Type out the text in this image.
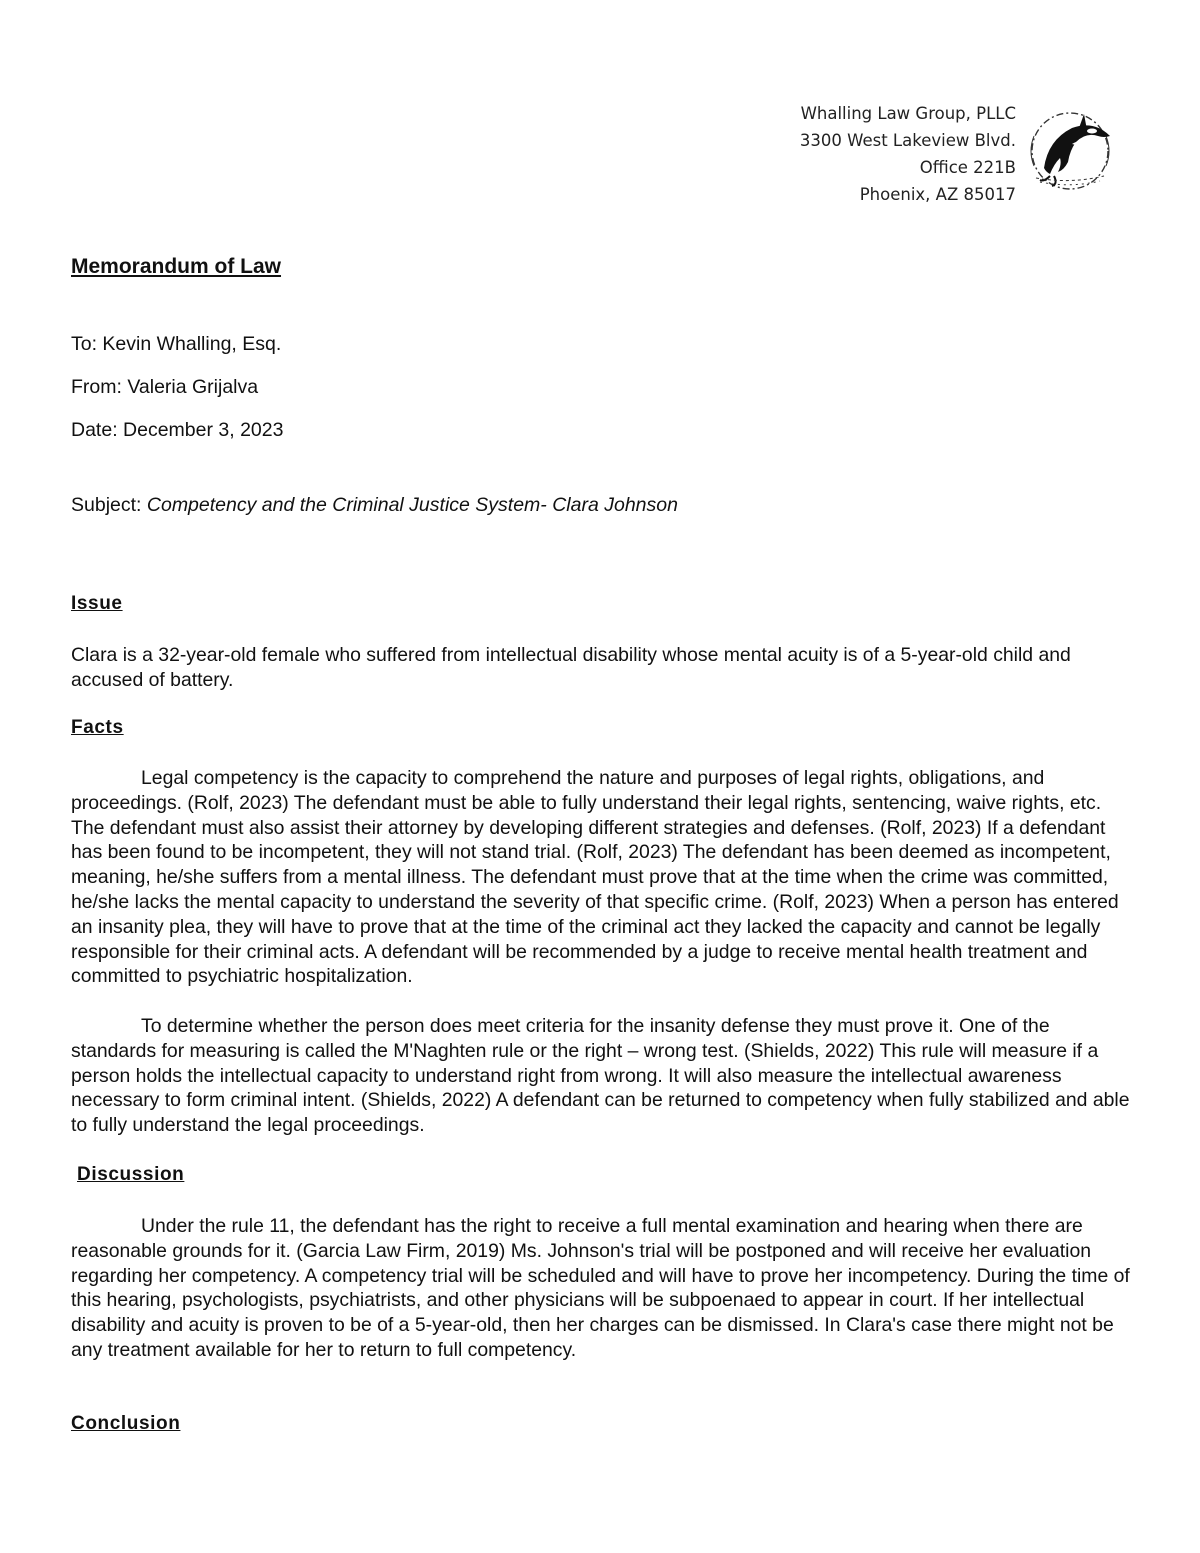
Whalling Law Group, PLLC
3300 West Lakeview Blvd.
Office 221B
Phoenix, AZ 85017
Memorandum of Law

To: Kevin Whalling, Esq.

From: Valeria Grijalva

Date: December 3, 2023

Subject: Competency and the Criminal Justice System- Clara Johnson

Issue

Clara is a 32-year-old female who suffered from intellectual disability whose mental acuity is of a 5-year-old child and accused of battery.

Facts

Legal competency is the capacity to comprehend the nature and purposes of legal rights, obligations, and proceedings. (Rolf, 2023) The defendant must be able to fully understand their legal rights, sentencing, waive rights, etc. The defendant must also assist their attorney by developing different strategies and defenses. (Rolf, 2023) If a defendant has been found to be incompetent, they will not stand trial. (Rolf, 2023) The defendant has been deemed as incompetent, meaning, he/she suffers from a mental illness. The defendant must prove that at the time when the crime was committed, he/she lacks the mental capacity to understand the severity of that specific crime. (Rolf, 2023) When a person has entered an insanity plea, they will have to prove that at the time of the criminal act they lacked the capacity and cannot be legally responsible for their criminal acts. A defendant will be recommended by a judge to receive mental health treatment and committed to psychiatric hospitalization.

To determine whether the person does meet criteria for the insanity defense they must prove it. One of the standards for measuring is called the M'Naghten rule or the right – wrong test. (Shields, 2022) This rule will measure if a person holds the intellectual capacity to understand right from wrong. It will also measure the intellectual awareness necessary to form criminal intent. (Shields, 2022) A defendant can be returned to competency when fully stabilized and able to fully understand the legal proceedings.

Discussion

Under the rule 11, the defendant has the right to receive a full mental examination and hearing when there are reasonable grounds for it. (Garcia Law Firm, 2019) Ms. Johnson's trial will be postponed and will receive her evaluation regarding her competency. A competency trial will be scheduled and will have to prove her incompetency. During the time of this hearing, psychologists, psychiatrists, and other physicians will be subpoenaed to appear in court. If her intellectual disability and acuity is proven to be of a 5-year-old, then her charges can be dismissed. In Clara's case there might not be any treatment available for her to return to full competency.

Conclusion
